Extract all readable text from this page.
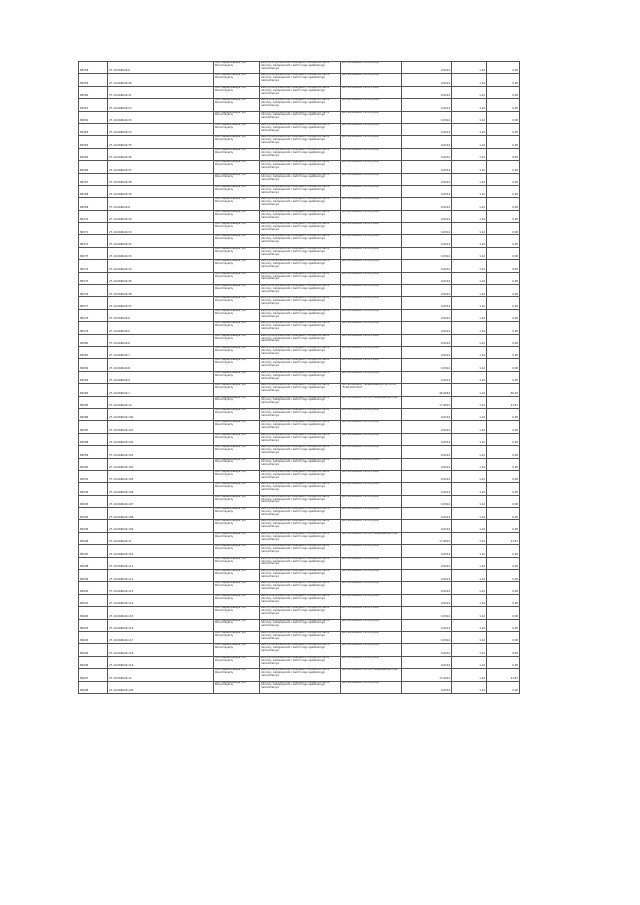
86358	27-10-066029-6	ofis. Mayakovskaya, p-n Pervomayskiy	Zemli promyshlennosti, energetiki, transporta, zemli oborony, bezopasnosti i zemli inogo spetsialnogo naznacheniya	pod stroitelstvo VL-10 (6-10)	0,0014	1,22	0,00
86359	27-10-066029-36	ofis. Mayakovskaya, p-n Pervomayskiy	Zemli promyshlennosti, energetiki, transporta, zemli oborony, bezopasnosti i zemli inogo spetsialnogo naznacheniya	pod stroitelstvo VL-10 (6-10)	0,0014	1,22	0,00
86360	27-10-066029-31	ofis. Mayakovskaya, p-n Pervomayskiy	Zemli promyshlennosti, energetiki, transporta, zemli oborony, bezopasnosti i zemli inogo spetsialnogo naznacheniya	pod stroitelstvo VL-10 (6-10)	0,0014	1,22	0,00
86361	27-10-066029-33	ofis. Mayakovskaya, p-n Pervomayskiy	Zemli promyshlennosti, energetiki, transporta, zemli oborony, bezopasnosti i zemli inogo spetsialnogo naznacheniya	pod stroitelstvo VL-10 (6-10)	0,0014	1,22	0,00
86362	27-10-066029-33	ofis. Mayakovskaya, p-n Pervomayskiy	Zemli promyshlennosti, energetiki, transporta, zemli oborony, bezopasnosti i zemli inogo spetsialnogo naznacheniya	pod stroitelstvo VL-10 (6-10)	0,0014	1,22	0,00
86363	27-10-066029-34	ofis. Mayakovskaya, p-n Pervomayskiy	Zemli promyshlennosti, energetiki, transporta, zemli oborony, bezopasnosti i zemli inogo spetsialnogo naznacheniya	pod stroitelstvo VL-10 (6-10)	0,0014	1,22	0,00
86364	27-10-066029-35	ofis. Mayakovskaya, p-n Pervomayskiy	Zemli promyshlennosti, energetiki, transporta, zemli oborony, bezopasnosti i zemli inogo spetsialnogo naznacheniya	pod stroitelstvo VL-10 (6-10)	0,0014	1,22	0,00
86365	27-10-066029-36	ofis. Mayakovskaya, p-n Pervomayskiy	Zemli promyshlennosti, energetiki, transporta, zemli oborony, bezopasnosti i zemli inogo spetsialnogo naznacheniya	pod stroitelstvo VL-10 (6-10)	0,0014	1,22	0,00
86366	27-10-066029-37	ofis. Mayakovskaya, p-n Pervomayskiy	Zemli promyshlennosti, energetiki, transporta, zemli oborony, bezopasnosti i zemli inogo spetsialnogo naznacheniya	pod stroitelstvo VL-10 (6-10)	0,0014	1,22	0,00
86367	27-10-066029-38	ofis. Mayakovskaya, p-n Pervomayskiy	Zemli promyshlennosti, energetiki, transporta, zemli oborony, bezopasnosti i zemli inogo spetsialnogo naznacheniya	pod stroitelstvo VL-10 (6-10)	0,0014	1,22	0,00
86368	27-10-066029-39	ofis. Mayakovskaya, p-n Pervomayskiy	Zemli promyshlennosti, energetiki, transporta, zemli oborony, bezopasnosti i zemli inogo spetsialnogo naznacheniya	pod stroitelstvo VL-10 (6-10)	0,0014	1,22	0,00
86369	27-10-066029-8	ofis. Mayakovskaya, p-n Pervomayskiy	Zemli promyshlennosti, energetiki, transporta, zemli oborony, bezopasnosti i zemli inogo spetsialnogo naznacheniya	pod stroitelstvo VL-10 (6-10)	0,0014	1,22	0,00
86370	27-10-066029-30	ofis. Mayakovskaya, p-n Pervomayskiy	Zemli promyshlennosti, energetiki, transporta, zemli oborony, bezopasnosti i zemli inogo spetsialnogo naznacheniya	pod stroitelstvo VL-10 (6-10)	0,0014	1,22	0,00
86371	27-10-066029-34	ofis. Mayakovskaya, p-n Pervomayskiy	Zemli promyshlennosti, energetiki, transporta, zemli oborony, bezopasnosti i zemli inogo spetsialnogo naznacheniya	pod stroitelstvo VL-10 (6-10)	0,0014	1,22	0,00
86372	27-10-066029-32	ofis. Mayakovskaya, p-n Pervomayskiy	Zemli promyshlennosti, energetiki, transporta, zemli oborony, bezopasnosti i zemli inogo spetsialnogo naznacheniya	pod stroitelstvo VL-10 (6-10)	0,0014	1,22	0,00
86373	27-10-066029-33	ofis. Mayakovskaya, p-n Pervomayskiy	Zemli promyshlennosti, energetiki, transporta, zemli oborony, bezopasnosti i zemli inogo spetsialnogo naznacheniya	pod stroitelstvo VL-10 (6-10)	0,0014	1,22	0,00
86374	27-10-066029-34	ofis. Mayakovskaya, p-n Pervomayskiy	Zemli promyshlennosti, energetiki, transporta, zemli oborony, bezopasnosti i zemli inogo spetsialnogo naznacheniya	pod stroitelstvo VL-10 (6-10)	0,0014	1,22	0,00
86375	27-10-066029-36	ofis. Mayakovskaya, p-n Pervomayskiy	Zemli promyshlennosti, energetiki, transporta, zemli oborony, bezopasnosti i zemli inogo spetsialnogo naznacheniya	pod stroitelstvo VL-10 (6-10)	0,0014	1,22	0,00
86376	27-10-066029-38	ofis. Mayakovskaya, p-n Pervomayskiy	Zemli promyshlennosti, energetiki, transporta, zemli oborony, bezopasnosti i zemli inogo spetsialnogo naznacheniya	pod stroitelstvo VL-10 (6-10)	0,0014	1,22	0,00
86377	27-10-066029-37	ofis. Mayakovskaya, p-n Pervomayskiy	Zemli promyshlennosti, energetiki, transporta, zemli oborony, bezopasnosti i zemli inogo spetsialnogo naznacheniya	pod stroitelstvo VL-10 (6-10)	0,0014	1,22	0,00
86378	27-10-066029-6	ofis. Mayakovskaya, p-n Pervomayskiy	Zemli promyshlennosti, energetiki, transporta, zemli oborony, bezopasnosti i zemli inogo spetsialnogo naznacheniya	pod stroitelstvo VL-10 (6-10)	0,0014	1,22	0,00
86379	27-10-066029-5	ofis. Mayakovskaya, p-n Pervomayskiy	Zemli promyshlennosti, energetiki, transporta, zemli oborony, bezopasnosti i zemli inogo spetsialnogo naznacheniya	pod stroitelstvo VL-10 (6-10)	0,0014	1,22	0,00
86380	27-10-066029-6	ofis. Mayakovskaya, p-n Pervomayskiy	Zemli promyshlennosti, energetiki, transporta, zemli oborony, bezopasnosti i zemli inogo spetsialnogo naznacheniya	pod stroitelstvo VL-10 (6-10)	0,0014	1,22	0,00
86381	27-10-066029-7	ofis. Mayakovskaya, p-n Pervomayskiy	Zemli promyshlennosti, energetiki, transporta, zemli oborony, bezopasnosti i zemli inogo spetsialnogo naznacheniya	pod stroitelstvo VL-10 (6-10)	0,0014	1,22	0,00
86382	27-10-066029-8	ofis. Mayakovskaya, p-n Pervomayskiy	Zemli promyshlennosti, energetiki, transporta, zemli oborony, bezopasnosti i zemli inogo spetsialnogo naznacheniya	pod stroitelstvo VL-10 (6-10)	0,0014	1,22	0,00
86383	27-10-066029-9	ofis. Mayakovskaya, p-n Pervomayskiy	Zemli promyshlennosti, energetiki, transporta, zemli oborony, bezopasnosti i zemli inogo spetsialnogo naznacheniya	pod stroitelstvo VL-10 (6-10)	0,0014	1,22	0,00
86384	27-10-066029-1	ofis. Mayakovskaya, p-n Pervomayskiy	Zemli promyshlennosti, energetiki, transporta, zemli oborony, bezopasnosti i zemli inogo spetsialnogo naznacheniya	pod stroitelstvo i ekspluatatsiyu VL-35 kV 'Forel-Vozrozhd'	46,0654	1,22	56,20
86385	27-10-066029-10	ofis. Mayakovskaya, p-n Pervomayskiy	Zemli promyshlennosti, energetiki, transporta, zemli oborony, bezopasnosti i zemli inogo spetsialnogo naznacheniya	pod stroitelstvo VL-110 'Berezovskoe-Forel'	17,9013	1,22	21,87
86386	27-10-066029-100	ofis. Mayakovskaya, p-n Pervomayskiy	Zemli promyshlennosti, energetiki, transporta, zemli oborony, bezopasnosti i zemli inogo spetsialnogo naznacheniya	pod stroitelstvo VL-10 (6-10)	0,0014	1,22	0,00
86387	27-10-066029-101	ofis. Mayakovskaya, p-n Pervomayskiy	Zemli promyshlennosti, energetiki, transporta, zemli oborony, bezopasnosti i zemli inogo spetsialnogo naznacheniya	pod stroitelstvo VL-10 (6-10)	0,0014	1,22	0,00
86388	27-10-066029-102	ofis. Mayakovskaya, p-n Pervomayskiy	Zemli promyshlennosti, energetiki, transporta, zemli oborony, bezopasnosti i zemli inogo spetsialnogo naznacheniya	pod stroitelstvo VL-10 (6-10)	0,0014	1,22	0,00
86389	27-10-066029-103	ofis. Mayakovskaya, p-n Pervomayskiy	Zemli promyshlennosti, energetiki, transporta, zemli oborony, bezopasnosti i zemli inogo spetsialnogo naznacheniya	pod stroitelstvo VL-10 (6-10)	0,0014	1,22	0,00
86390	27-10-066029-104	ofis. Mayakovskaya, p-n Pervomayskiy	Zemli promyshlennosti, energetiki, transporta, zemli oborony, bezopasnosti i zemli inogo spetsialnogo naznacheniya	pod stroitelstvo VL-10 (6-10)	0,0014	1,22	0,00
86391	27-10-066029-105	ofis. Mayakovskaya, p-n Pervomayskiy	Zemli promyshlennosti, energetiki, transporta, zemli oborony, bezopasnosti i zemli inogo spetsialnogo naznacheniya	pod stroitelstvo VL-10 (6-10)	0,0014	1,22	0,00
86392	27-10-066029-106	ofis. Mayakovskaya, p-n Pervomayskiy	Zemli promyshlennosti, energetiki, transporta, zemli oborony, bezopasnosti i zemli inogo spetsialnogo naznacheniya	pod stroitelstvo VL-10 (6-10)	0,0014	1,22	0,00
86393	27-10-066029-107	ofis. Mayakovskaya, p-n Pervomayskiy	Zemli promyshlennosti, energetiki, transporta, zemli oborony, bezopasnosti i zemli inogo spetsialnogo naznacheniya	pod stroitelstvo VL-10 (6-10)	0,0014	1,22	0,00
86394	27-10-066029-108	ofis. Mayakovskaya, p-n Pervomayskiy	Zemli promyshlennosti, energetiki, transporta, zemli oborony, bezopasnosti i zemli inogo spetsialnogo naznacheniya	pod stroitelstvo VL-10 (6-10)	0,0014	1,22	0,00
86395	27-10-066029-109	ofis. Mayakovskaya, p-n Pervomayskiy	Zemli promyshlennosti, energetiki, transporta, zemli oborony, bezopasnosti i zemli inogo spetsialnogo naznacheniya	pod stroitelstvo VL-10 (6-10)	0,0014	1,22	0,00
86396	27-10-066029-11	ofis. Mayakovskaya, p-n Pervomayskiy	Zemli promyshlennosti, energetiki, transporta, zemli oborony, bezopasnosti i zemli inogo spetsialnogo naznacheniya	pod stroitelstvo VL-110 'Berezovskoe-Forel'	17,9013	1,22	21,87
86397	27-10-066029-110	ofis. Mayakovskaya, p-n Pervomayskiy	Zemli promyshlennosti, energetiki, transporta, zemli oborony, bezopasnosti i zemli inogo spetsialnogo naznacheniya	pod stroitelstvo VL-10 (6-10)	0,0014	1,22	0,00
86398	27-10-066029-111	ofis. Mayakovskaya, p-n Pervomayskiy	Zemli promyshlennosti, energetiki, transporta, zemli oborony, bezopasnosti i zemli inogo spetsialnogo naznacheniya	pod stroitelstvo VL-10 (6-10)	0,0014	1,22	0,00
86399	27-10-066029-112	ofis. Mayakovskaya, p-n Pervomayskiy	Zemli promyshlennosti, energetiki, transporta, zemli oborony, bezopasnosti i zemli inogo spetsialnogo naznacheniya	pod stroitelstvo VL-10 (6-10)	0,0014	1,22	0,00
86400	27-10-066029-113	ofis. Mayakovskaya, p-n Pervomayskiy	Zemli promyshlennosti, energetiki, transporta, zemli oborony, bezopasnosti i zemli inogo spetsialnogo naznacheniya	pod stroitelstvo VL-10 (6-10)	0,0014	1,22	0,00
86401	27-10-066029-114	ofis. Mayakovskaya, p-n Pervomayskiy	Zemli promyshlennosti, energetiki, transporta, zemli oborony, bezopasnosti i zemli inogo spetsialnogo naznacheniya	pod stroitelstvo VL-10 (6-10)	0,0014	1,22	0,00
86402	27-10-066029-115	ofis. Mayakovskaya, p-n Pervomayskiy	Zemli promyshlennosti, energetiki, transporta, zemli oborony, bezopasnosti i zemli inogo spetsialnogo naznacheniya	pod stroitelstvo VL-10 (6-10)	0,0014	1,22	0,00
86403	27-10-066029-116	ofis. Mayakovskaya, p-n Pervomayskiy	Zemli promyshlennosti, energetiki, transporta, zemli oborony, bezopasnosti i zemli inogo spetsialnogo naznacheniya	pod stroitelstvo VL-10 (6-10)	0,0014	1,22	0,00
86404	27-10-066029-117	ofis. Mayakovskaya, p-n Pervomayskiy	Zemli promyshlennosti, energetiki, transporta, zemli oborony, bezopasnosti i zemli inogo spetsialnogo naznacheniya	pod stroitelstvo VL-10 (6-10)	0,0014	1,22	0,00
86405	27-10-066029-118	ofis. Mayakovskaya, p-n Pervomayskiy	Zemli promyshlennosti, energetiki, transporta, zemli oborony, bezopasnosti i zemli inogo spetsialnogo naznacheniya	pod stroitelstvo VL-10 (6-10)	0,0014	1,22	0,00
86406	27-10-066029-119	ofis. Mayakovskaya, p-n Pervomayskiy	Zemli promyshlennosti, energetiki, transporta, zemli oborony, bezopasnosti i zemli inogo spetsialnogo naznacheniya	pod stroitelstvo VL-10 (6-10)	0,0014	1,22	0,00
86407	27-10-066029-12	ofis. Mayakovskaya, p-n Pervomayskiy	Zemli promyshlennosti, energetiki, transporta, zemli oborony, bezopasnosti i zemli inogo spetsialnogo naznacheniya	pod stroitelstvo VL-110 'Berezovskoe-Forel'	17,9013	1,22	21,87
86408	27-10-066029-120	ofis. Mayakovskaya, p-n Pervomayskiy	Zemli promyshlennosti, energetiki, transporta, zemli oborony, bezopasnosti i zemli inogo spetsialnogo naznacheniya	pod stroitelstvo VL-10 (6-10)	0,0014	1,22	0,00
